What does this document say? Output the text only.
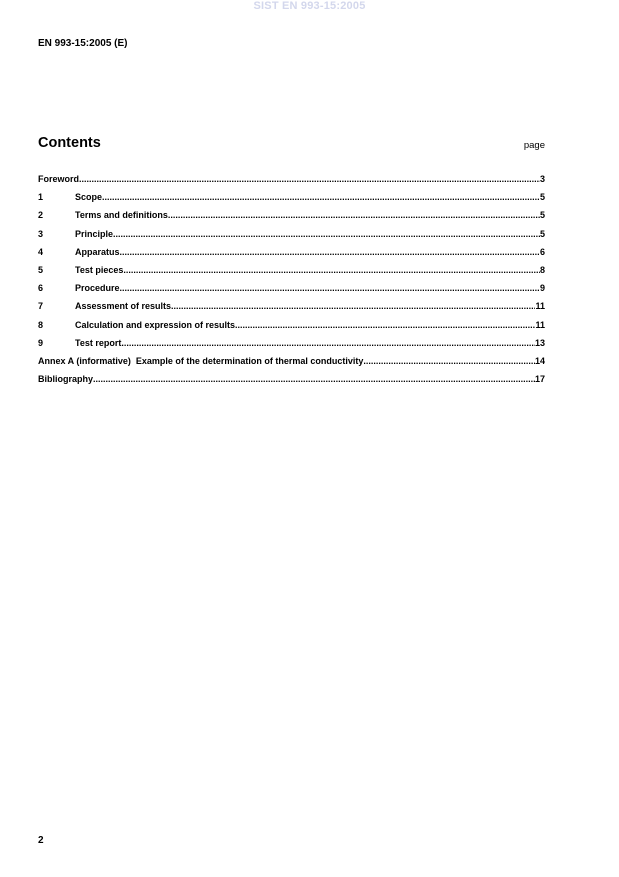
SIST EN 993-15:2005
EN 993-15:2005 (E)
Contents	page
Foreword .....	3
1	Scope .....	5
2	Terms and definitions .....	5
3	Principle .....	5
4	Apparatus .....	6
5	Test pieces .....	8
6	Procedure .....	9
7	Assessment of results .....	11
8	Calculation and expression of results .....	11
9	Test report .....	13
Annex A (informative)  Example of the determination of thermal conductivity .....	14
Bibliography .....	17
2
